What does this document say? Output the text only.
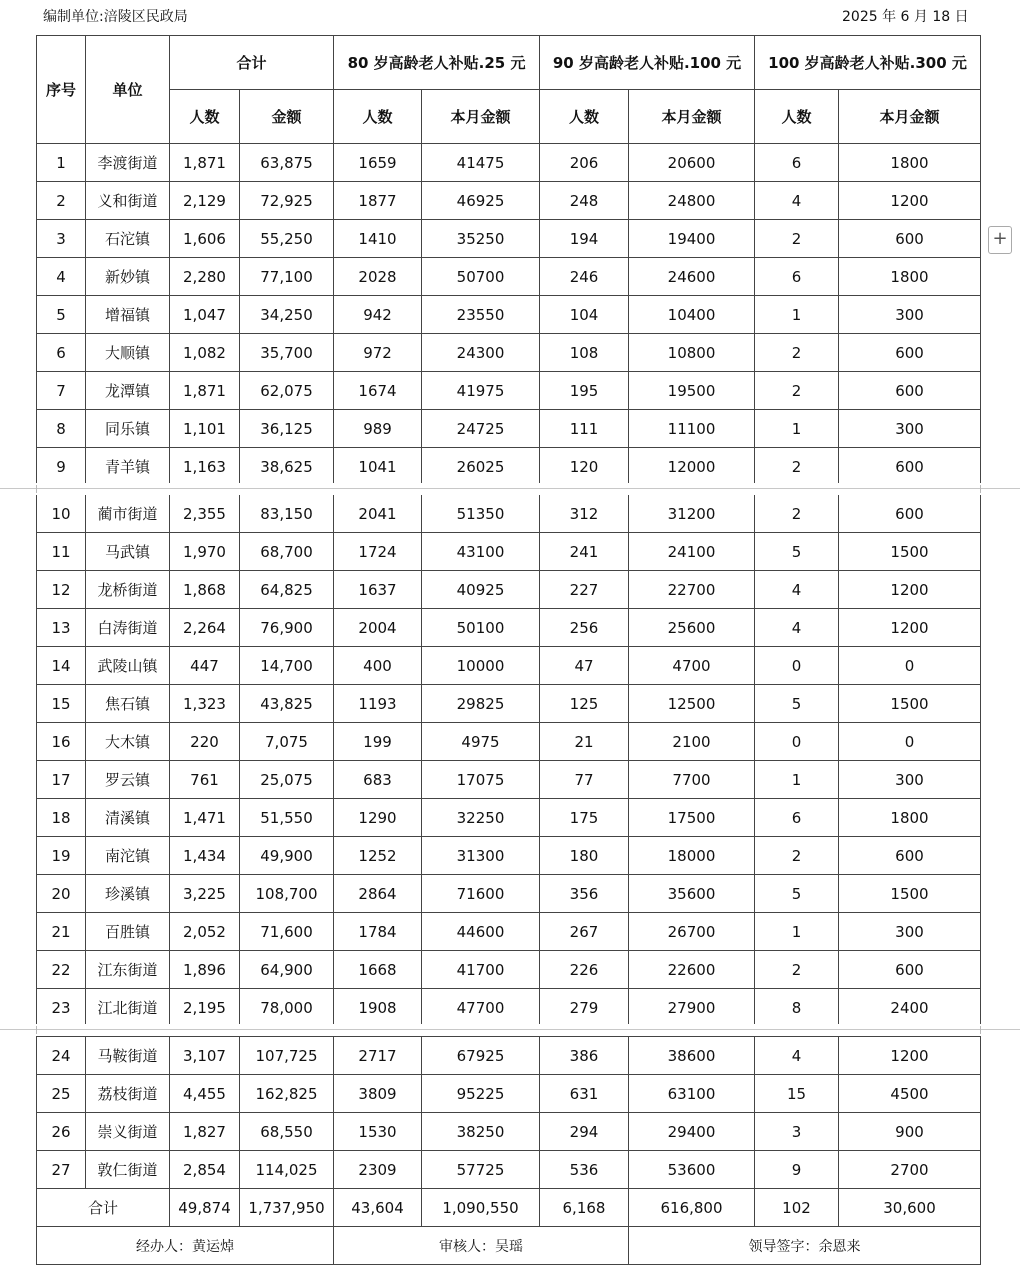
编制单位:涪陵区民政局	2025 年 6 月 18 日
序号	单位	合计		80 岁高龄老人补贴.25 元		90 岁高龄老人补贴.100 元		100 岁高龄老人补贴.300 元	
		人数	金额	人数	本月金额	人数	本月金额	人数	本月金额
1	李渡街道	1,871	63,875	1659	41475	206	20600	6	1800
2	义和街道	2,129	72,925	1877	46925	248	24800	4	1200
3	石沱镇	1,606	55,250	1410	35250	194	19400	2	600
4	新妙镇	2,280	77,100	2028	50700	246	24600	6	1800
5	增福镇	1,047	34,250	942	23550	104	10400	1	300
6	大顺镇	1,082	35,700	972	24300	108	10800	2	600
7	龙潭镇	1,871	62,075	1674	41975	195	19500	2	600
8	同乐镇	1,101	36,125	989	24725	111	11100	1	300
9	青羊镇	1,163	38,625	1041	26025	120	12000	2	600
10	蔺市街道	2,355	83,150	2041	51350	312	31200	2	600
11	马武镇	1,970	68,700	1724	43100	241	24100	5	1500
12	龙桥街道	1,868	64,825	1637	40925	227	22700	4	1200
13	白涛街道	2,264	76,900	2004	50100	256	25600	4	1200
14	武陵山镇	447	14,700	400	10000	47	4700	0	0
15	焦石镇	1,323	43,825	1193	29825	125	12500	5	1500
16	大木镇	220	7,075	199	4975	21	2100	0	0
17	罗云镇	761	25,075	683	17075	77	7700	1	300
18	清溪镇	1,471	51,550	1290	32250	175	17500	6	1800
19	南沱镇	1,434	49,900	1252	31300	180	18000	2	600
20	珍溪镇	3,225	108,700	2864	71600	356	35600	5	1500
21	百胜镇	2,052	71,600	1784	44600	267	26700	1	300
22	江东街道	1,896	64,900	1668	41700	226	22600	2	600
23	江北街道	2,195	78,000	1908	47700	279	27900	8	2400
24	马鞍街道	3,107	107,725	2717	67925	386	38600	4	1200
25	荔枝街道	4,455	162,825	3809	95225	631	63100	15	4500
26	崇义街道	1,827	68,550	1530	38250	294	29400	3	900
27	敦仁街道	2,854	114,025	2309	57725	536	53600	9	2700
合计		49,874	1,737,950	43,604	1,090,550	6,168	616,800	102	30,600
经办人：黄运焯				审核人：吴瑶			领导签字：余恩来		
+
